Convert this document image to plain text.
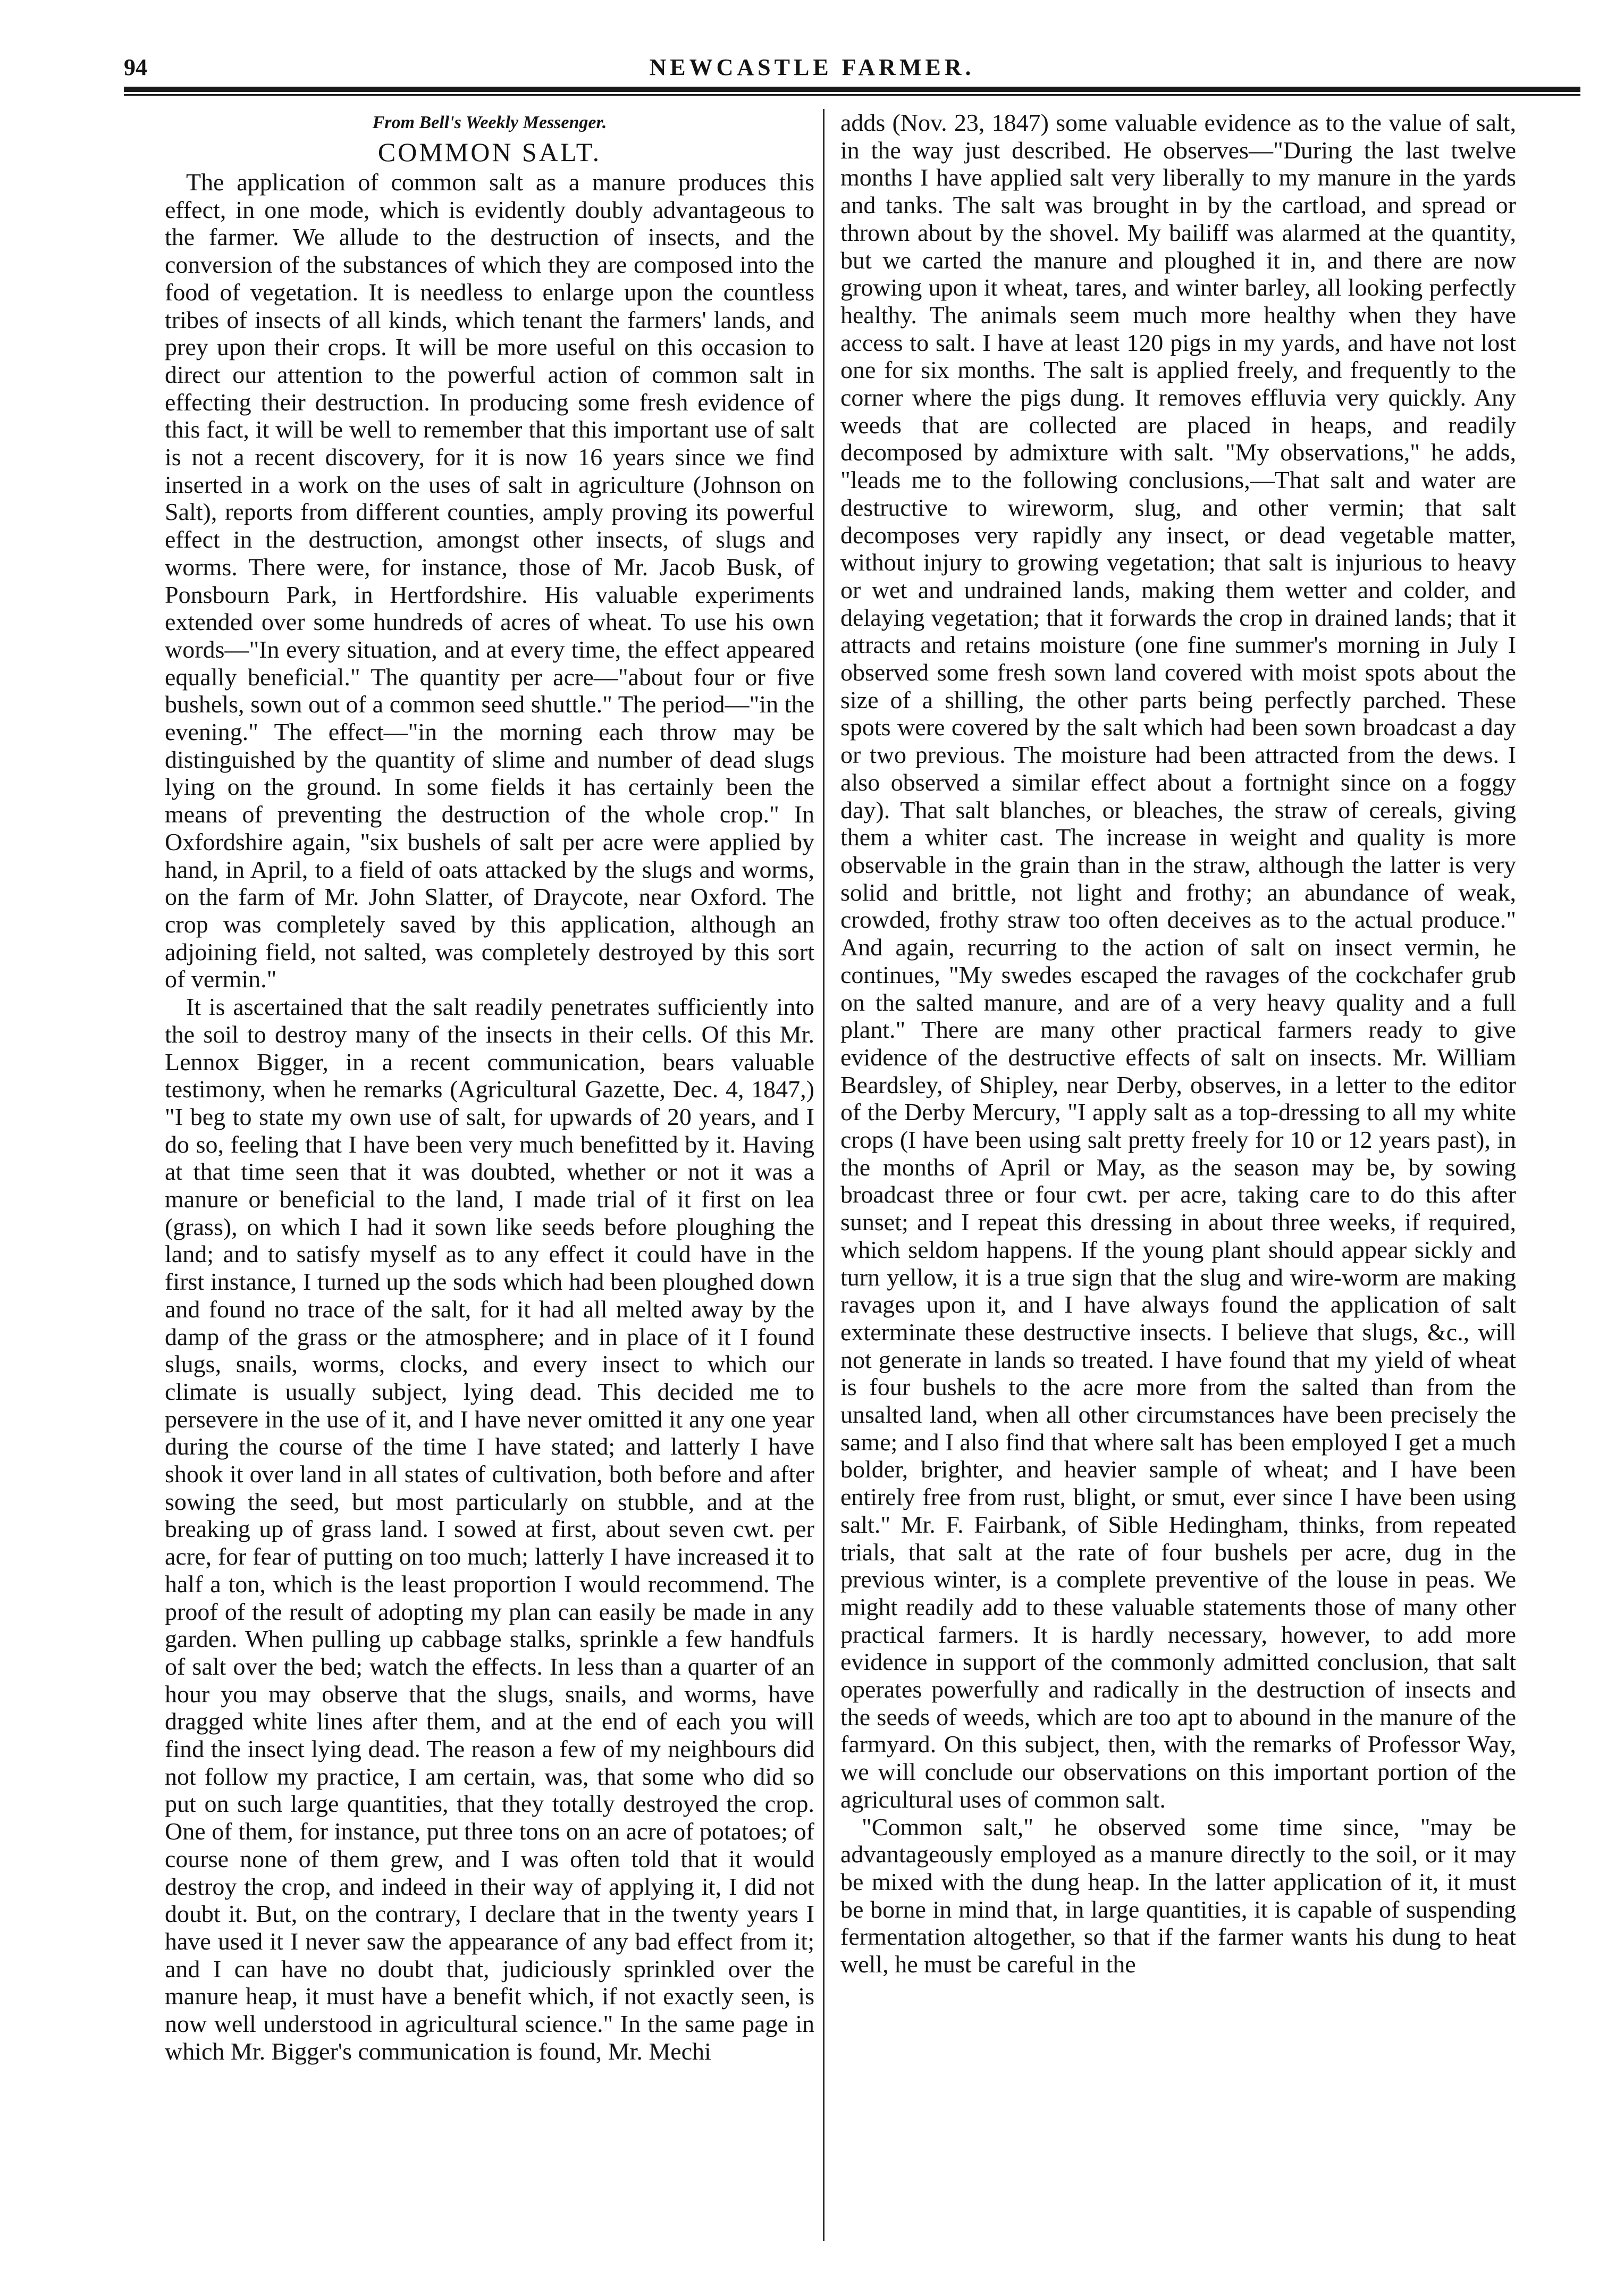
94	NEWCASTLE FARMER.
From Bell's Weekly Messenger.
COMMON SALT.

The application of common salt as a manure produces this effect, in one mode, which is evidently doubly advantageous to the farmer. We allude to the destruction of insects, and the conversion of the substances of which they are composed into the food of vegetation. It is needless to enlarge upon the countless tribes of insects of all kinds, which tenant the farmers' lands, and prey upon their crops. It will be more useful on this occasion to direct our attention to the powerful action of common salt in effecting their destruction. In producing some fresh evidence of this fact, it will be well to remember that this important use of salt is not a recent discovery, for it is now 16 years since we find inserted in a work on the uses of salt in agriculture (Johnson on Salt), reports from different counties, amply proving its powerful effect in the destruction, amongst other insects, of slugs and worms. There were, for instance, those of Mr. Jacob Busk, of Ponsbourn Park, in Hertfordshire. His valuable experiments extended over some hundreds of acres of wheat. To use his own words—"In every situation, and at every time, the effect appeared equally beneficial." The quantity per acre—"about four or five bushels, sown out of a common seed shuttle." The period—"in the evening." The effect—"in the morning each throw may be distinguished by the quantity of slime and number of dead slugs lying on the ground. In some fields it has certainly been the means of preventing the destruction of the whole crop." In Oxfordshire again, "six bushels of salt per acre were applied by hand, in April, to a field of oats attacked by the slugs and worms, on the farm of Mr. John Slatter, of Draycote, near Oxford. The crop was completely saved by this application, although an adjoining field, not salted, was completely destroyed by this sort of vermin."

It is ascertained that the salt readily penetrates sufficiently into the soil to destroy many of the insects in their cells. Of this Mr. Lennox Bigger, in a recent communication, bears valuable testimony, when he remarks (Agricultural Gazette, Dec. 4, 1847,) "I beg to state my own use of salt, for upwards of 20 years, and I do so, feeling that I have been very much benefitted by it. Having at that time seen that it was doubted, whether or not it was a manure or beneficial to the land, I made trial of it first on lea (grass), on which I had it sown like seeds before ploughing the land; and to satisfy myself as to any effect it could have in the first instance, I turned up the sods which had been ploughed down and found no trace of the salt, for it had all melted away by the damp of the grass or the atmosphere; and in place of it I found slugs, snails, worms, clocks, and every insect to which our climate is usually subject, lying dead. This decided me to persevere in the use of it, and I have never omitted it any one year during the course of the time I have stated; and latterly I have shook it over land in all states of cultivation, both before and after sowing the seed, but most particularly on stubble, and at the breaking up of grass land. I sowed at first, about seven cwt. per acre, for fear of putting on too much; latterly I have increased it to half a ton, which is the least proportion I would recommend. The proof of the result of adopting my plan can easily be made in any garden. When pulling up cabbage stalks, sprinkle a few handfuls of salt over the bed; watch the effects. In less than a quarter of an hour you may observe that the slugs, snails, and worms, have dragged white lines after them, and at the end of each you will find the insect lying dead. The reason a few of my neighbours did not follow my practice, I am certain, was, that some who did so put on such large quantities, that they totally destroyed the crop. One of them, for instance, put three tons on an acre of potatoes; of course none of them grew, and I was often told that it would destroy the crop, and indeed in their way of applying it, I did not doubt it. But, on the contrary, I declare that in the twenty years I have used it I never saw the appearance of any bad effect from it; and I can have no doubt that, judiciously sprinkled over the manure heap, it must have a benefit which, if not exactly seen, is now well understood in agricultural science." In the same page in which Mr. Bigger's communication is found, Mr. Mechi

adds (Nov. 23, 1847) some valuable evidence as to the value of salt, in the way just described. He observes—"During the last twelve months I have applied salt very liberally to my manure in the yards and tanks. The salt was brought in by the cartload, and spread or thrown about by the shovel. My bailiff was alarmed at the quantity, but we carted the manure and ploughed it in, and there are now growing upon it wheat, tares, and winter barley, all looking perfectly healthy. The animals seem much more healthy when they have access to salt. I have at least 120 pigs in my yards, and have not lost one for six months. The salt is applied freely, and frequently to the corner where the pigs dung. It removes effluvia very quickly. Any weeds that are collected are placed in heaps, and readily decomposed by admixture with salt. "My observations," he adds, "leads me to the following conclusions,—That salt and water are destructive to wireworm, slug, and other vermin; that salt decomposes very rapidly any insect, or dead vegetable matter, without injury to growing vegetation; that salt is injurious to heavy or wet and undrained lands, making them wetter and colder, and delaying vegetation; that it forwards the crop in drained lands; that it attracts and retains moisture (one fine summer's morning in July I observed some fresh sown land covered with moist spots about the size of a shilling, the other parts being perfectly parched. These spots were covered by the salt which had been sown broadcast a day or two previous. The moisture had been attracted from the dews. I also observed a similar effect about a fortnight since on a foggy day). That salt blanches, or bleaches, the straw of cereals, giving them a whiter cast. The increase in weight and quality is more observable in the grain than in the straw, although the latter is very solid and brittle, not light and frothy; an abundance of weak, crowded, frothy straw too often deceives as to the actual produce." And again, recurring to the action of salt on insect vermin, he continues, "My swedes escaped the ravages of the cockchafer grub on the salted manure, and are of a very heavy quality and a full plant." There are many other practical farmers ready to give evidence of the destructive effects of salt on insects. Mr. William Beardsley, of Shipley, near Derby, observes, in a letter to the editor of the Derby Mercury, "I apply salt as a top-dressing to all my white crops (I have been using salt pretty freely for 10 or 12 years past), in the months of April or May, as the season may be, by sowing broadcast three or four cwt. per acre, taking care to do this after sunset; and I repeat this dressing in about three weeks, if required, which seldom happens. If the young plant should appear sickly and turn yellow, it is a true sign that the slug and wire-worm are making ravages upon it, and I have always found the application of salt exterminate these destructive insects. I believe that slugs, &c., will not generate in lands so treated. I have found that my yield of wheat is four bushels to the acre more from the salted than from the unsalted land, when all other circumstances have been precisely the same; and I also find that where salt has been employed I get a much bolder, brighter, and heavier sample of wheat; and I have been entirely free from rust, blight, or smut, ever since I have been using salt." Mr. F. Fairbank, of Sible Hedingham, thinks, from repeated trials, that salt at the rate of four bushels per acre, dug in the previous winter, is a complete preventive of the louse in peas. We might readily add to these valuable statements those of many other practical farmers. It is hardly necessary, however, to add more evidence in support of the commonly admitted conclusion, that salt operates powerfully and radically in the destruction of insects and the seeds of weeds, which are too apt to abound in the manure of the farmyard. On this subject, then, with the remarks of Professor Way, we will conclude our observations on this important portion of the agricultural uses of common salt.

"Common salt," he observed some time since, "may be advantageously employed as a manure directly to the soil, or it may be mixed with the dung heap. In the latter application of it, it must be borne in mind that, in large quantities, it is capable of suspending fermentation altogether, so that if the farmer wants his dung to heat well, he must be careful in the
